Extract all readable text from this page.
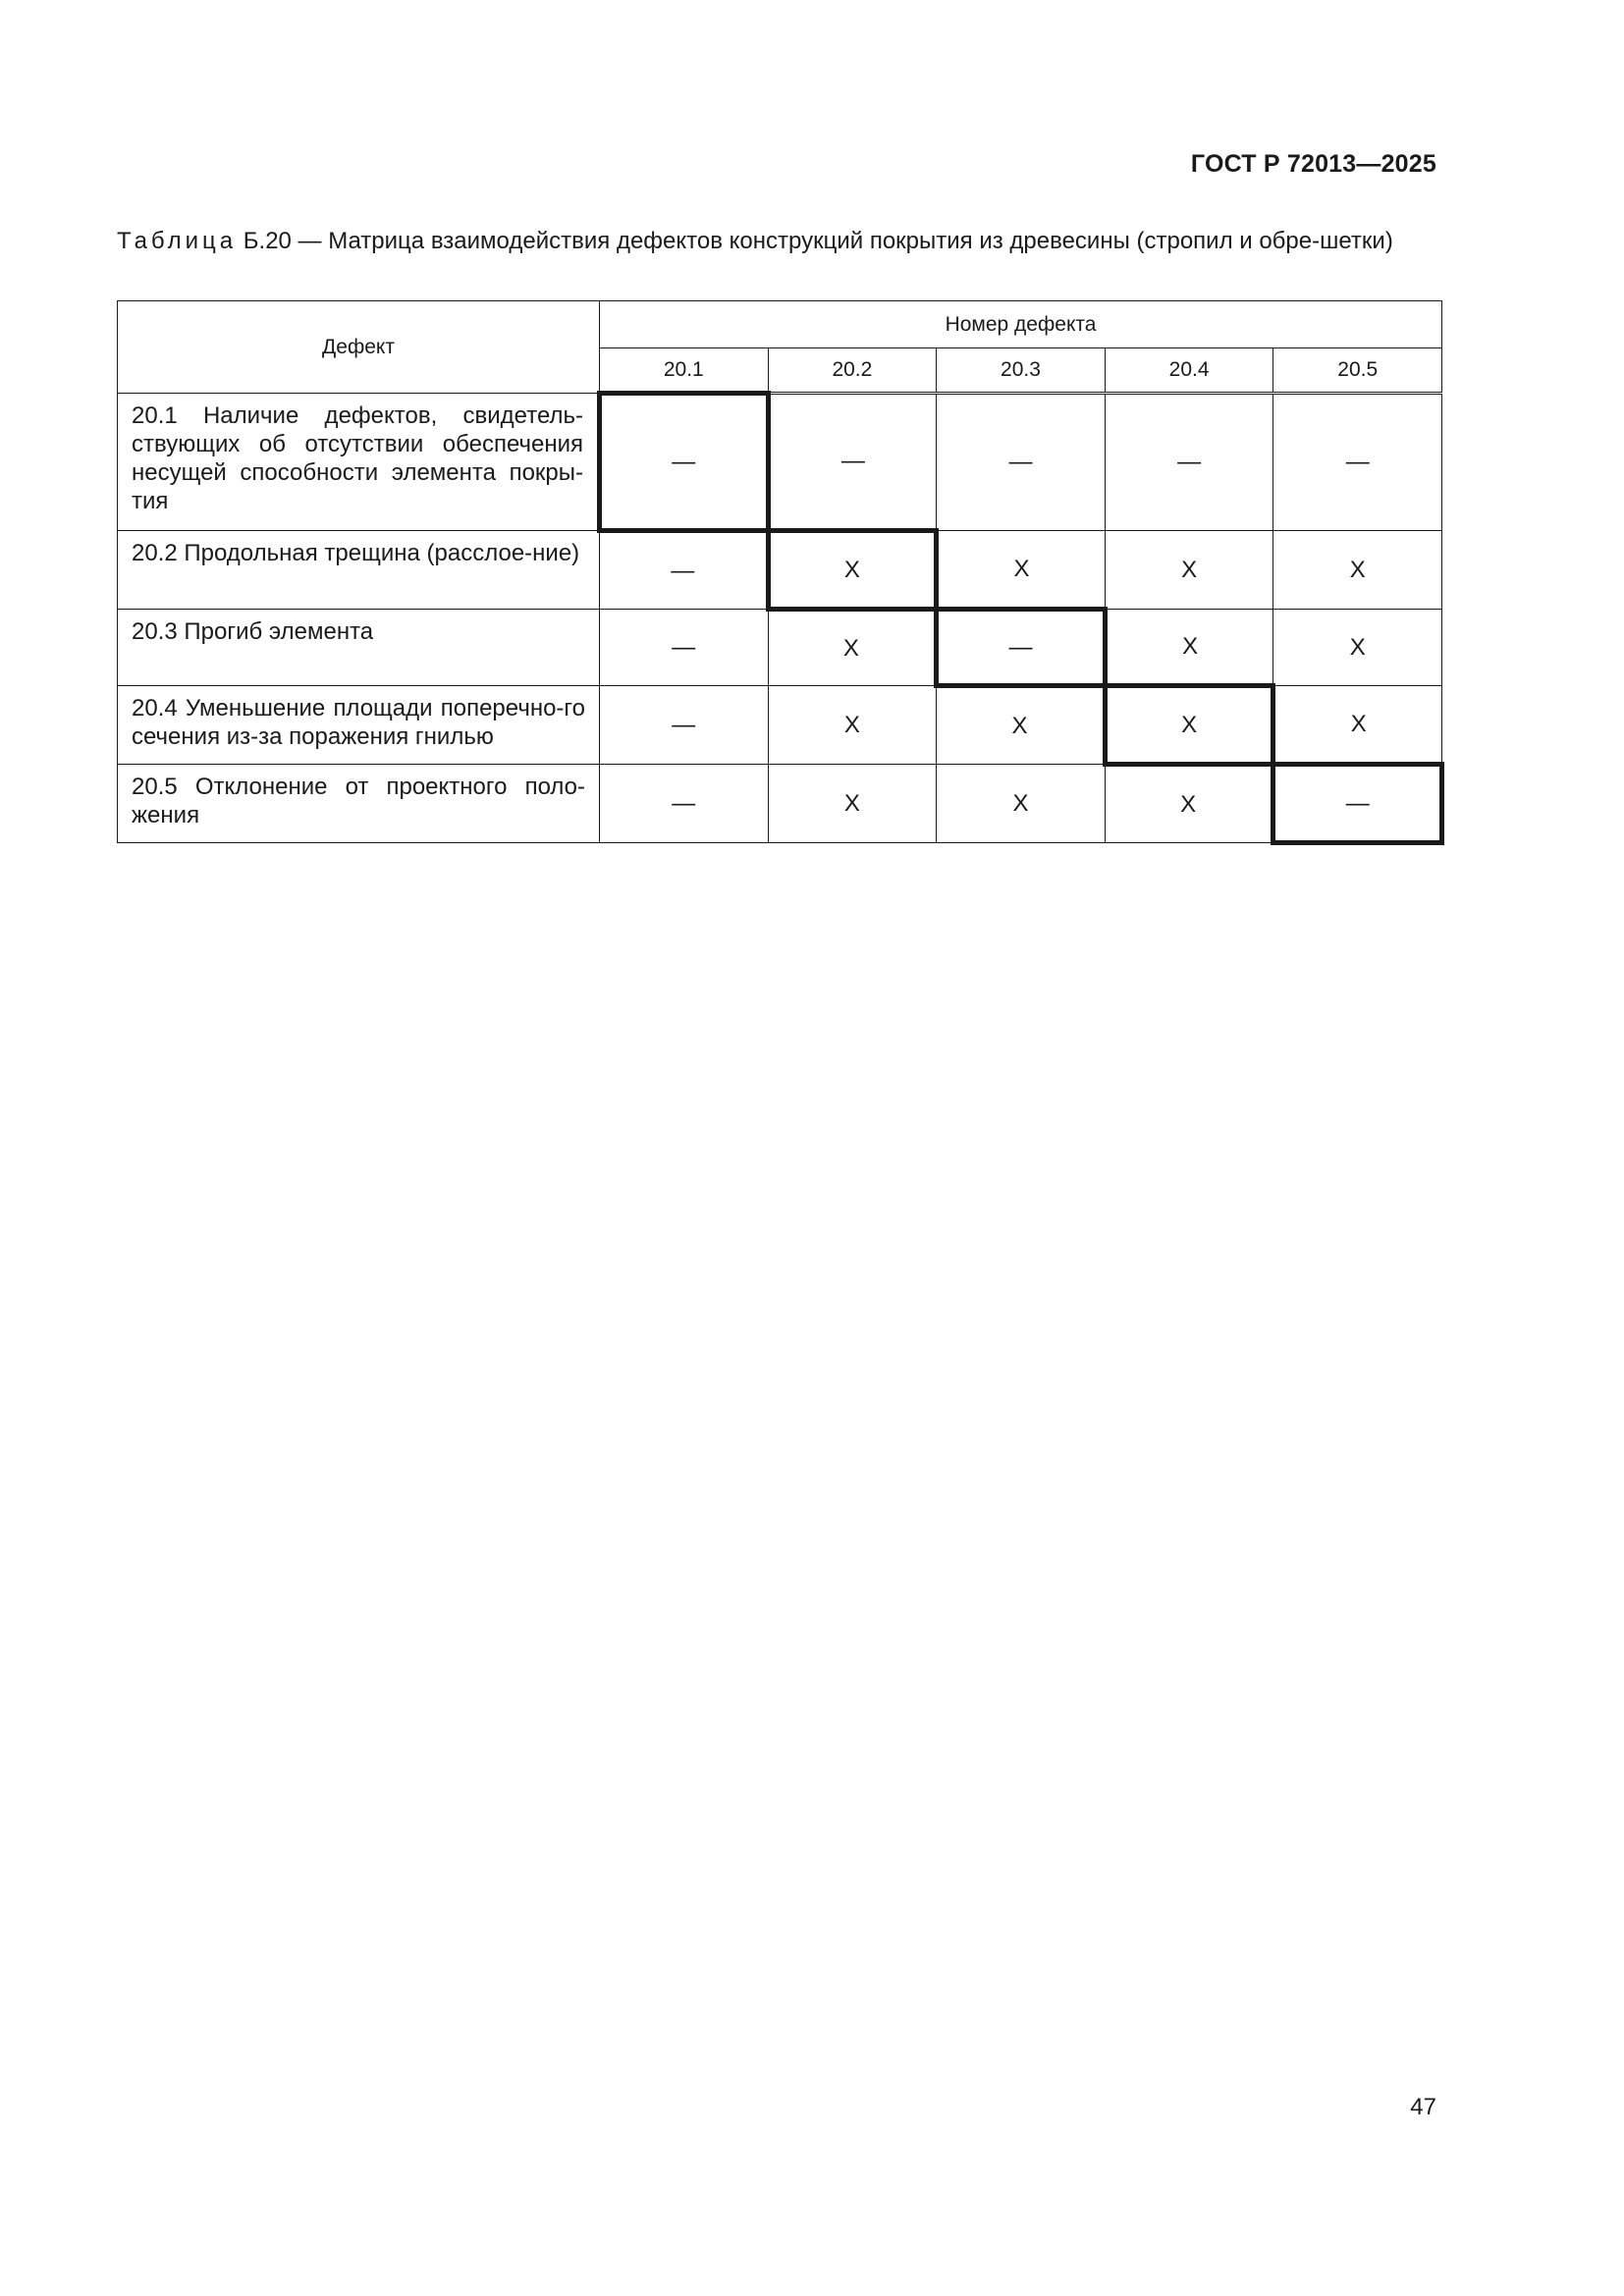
ГОСТ Р 72013—2025
Таблица Б.20 — Матрица взаимодействия дефектов конструкций покрытия из древесины (стропил и обре-шетки)
Дефект	Номер дефекта				
	20.1	20.2	20.3	20.4	20.5
20.1 Наличие дефектов, свидетель-ствующих об отсутствии обеспечения несущей способности элемента покры-тия	—	—	—	—	—
20.2 Продольная трещина (расслое-ние)	—	Х	Х	Х	Х
20.3 Прогиб элемента	—	Х	—	Х	Х
20.4 Уменьшение площади поперечно-го сечения из-за поражения гнилью	—	Х	Х	Х	Х
20.5 Отклонение от проектного поло-жения	—	Х	Х	Х	—
47
